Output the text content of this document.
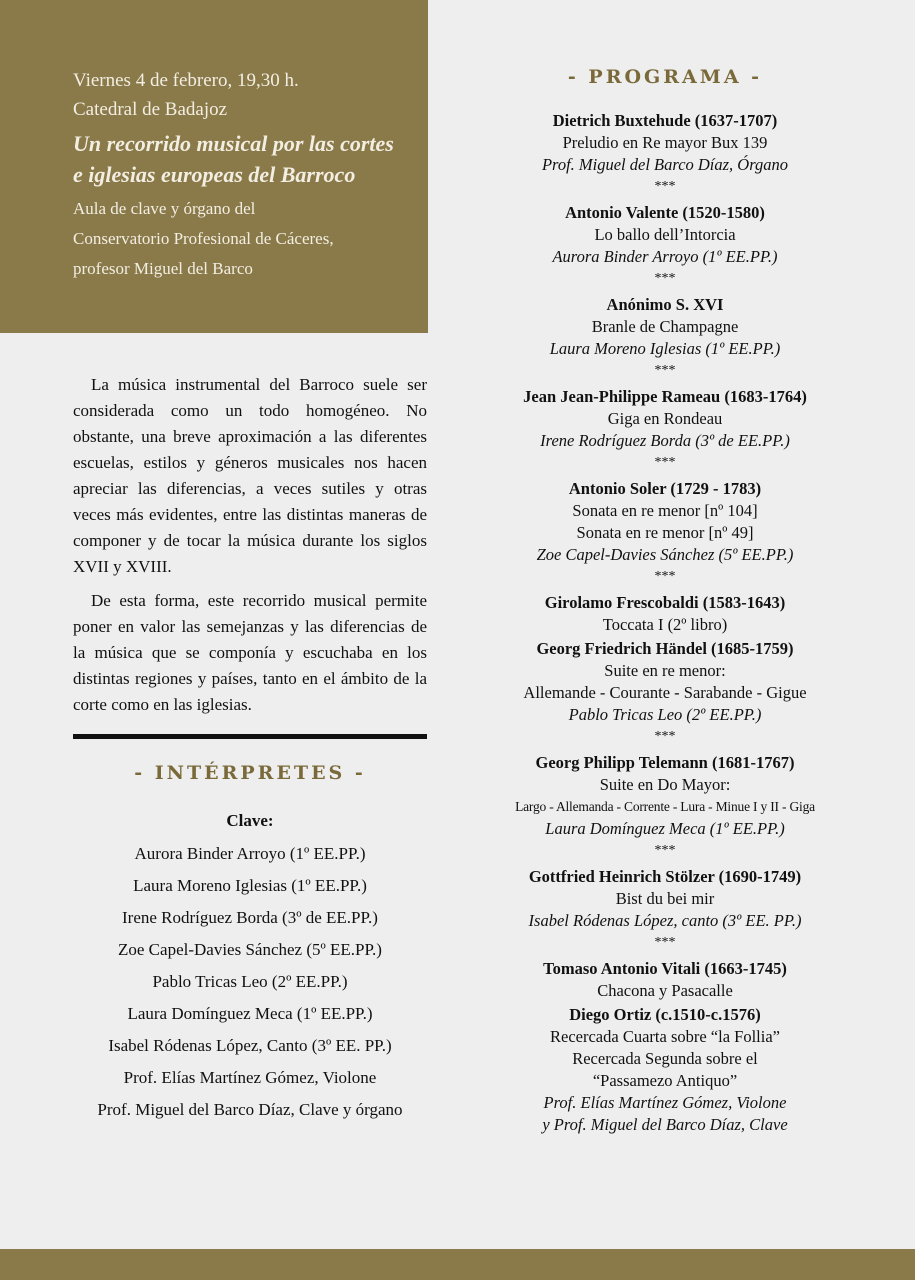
Viernes 4 de febrero, 19,30 h.
Catedral de Badajoz
Un recorrido musical por las cortes e iglesias europeas del Barroco
Aula de clave y órgano del
Conservatorio Profesional de Cáceres,
profesor Miguel del Barco

La música instrumental del Barroco suele ser considerada como un todo homogéneo. No obstante, una breve aproximación a las diferentes escuelas, estilos y géneros musicales nos hacen apreciar las diferencias, a veces sutiles y otras veces más evidentes, entre las distintas maneras de componer y de tocar la música durante los siglos XVII y XVIII.

De esta forma, este recorrido musical permite poner en valor las semejanzas y las diferencias de la música que se componía y escuchaba en los distintas regiones y países, tanto en el ámbito de la corte como en las iglesias.

- INTÉRPRETES -
Clave:
Aurora Binder Arroyo (1º EE.PP.)
Laura Moreno Iglesias (1º EE.PP.)
Irene Rodríguez Borda (3º de EE.PP.)
Zoe Capel-Davies Sánchez (5º EE.PP.)
Pablo Tricas Leo (2º EE.PP.)
Laura Domínguez Meca (1º EE.PP.)
Isabel Ródenas López, Canto (3º EE. PP.)
Prof. Elías Martínez Gómez, Violone
Prof. Miguel del Barco Díaz, Clave y órgano
- PROGRAMA -
Dietrich Buxtehude (1637-1707)
Preludio en Re mayor Bux 139
Prof. Miguel del Barco Díaz, Órgano
***
Antonio Valente (1520-1580)
Lo ballo dell’Intorcia
Aurora Binder Arroyo (1º EE.PP.)
***
Anónimo S. XVI
Branle de Champagne
Laura Moreno Iglesias (1º EE.PP.)
***
Jean Jean-Philippe Rameau (1683-1764)
Giga en Rondeau
Irene Rodríguez Borda (3º de EE.PP.)
***
Antonio Soler (1729 - 1783)
Sonata en re menor [nº 104]
Sonata en re menor [nº 49]
Zoe Capel-Davies Sánchez (5º EE.PP.)
***
Girolamo Frescobaldi (1583-1643)
Toccata I (2º libro)
Georg Friedrich Händel (1685-1759)
Suite en re menor:
Allemande - Courante - Sarabande - Gigue
Pablo Tricas Leo (2º EE.PP.)
***
Georg Philipp Telemann (1681-1767)
Suite en Do Mayor:
Largo - Allemanda - Corrente - Lura - Minue I y II - Giga
Laura Domínguez Meca (1º EE.PP.)
***
Gottfried Heinrich Stölzer (1690-1749)
Bist du bei mir
Isabel Ródenas López, canto (3º EE. PP.)
***
Tomaso Antonio Vitali (1663-1745)
Chacona y Pasacalle
Diego Ortiz (c.1510-c.1576)
Recercada Cuarta sobre “la Follia”
Recercada Segunda sobre el
“Passamezo Antiquo”
Prof. Elías Martínez Gómez, Violone
y Prof. Miguel del Barco Díaz, Clave
